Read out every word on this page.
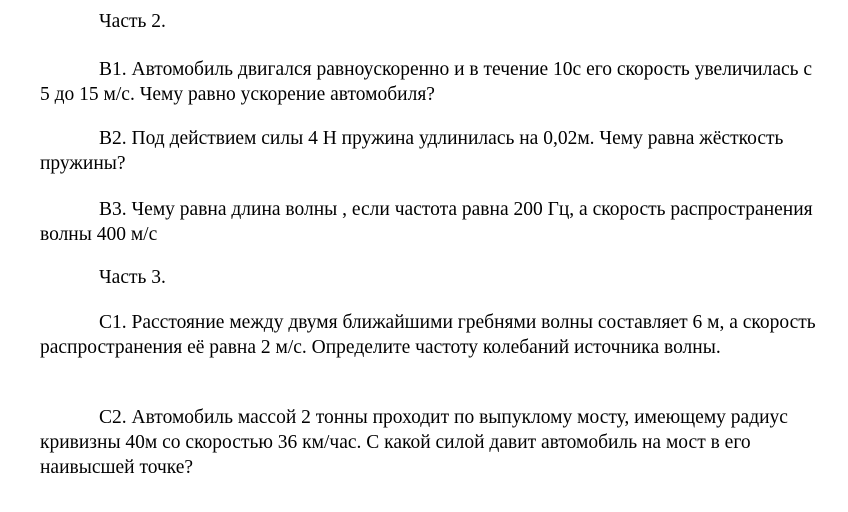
Часть 2.

В1. Автомобиль двигался равноускоренно и в течение 10с его скорость увеличилась с 5 до 15 м/с. Чему равно ускорение автомобиля?

В2. Под действием силы 4 Н пружина удлинилась на 0,02м. Чему равна жёсткость пружины?

В3. Чему равна длина волны , если частота равна 200 Гц, а скорость распространения волны 400 м/с

Часть 3.

С1. Расстояние между двумя ближайшими гребнями волны составляет 6 м, а скорость распространения её равна 2 м/с. Определите частоту колебаний источника волны.

С2. Автомобиль массой 2 тонны проходит по выпуклому мосту, имеющему радиус кривизны 40м со скоростью 36 км/час. С какой силой давит автомобиль на мост в его наивысшей точке?
